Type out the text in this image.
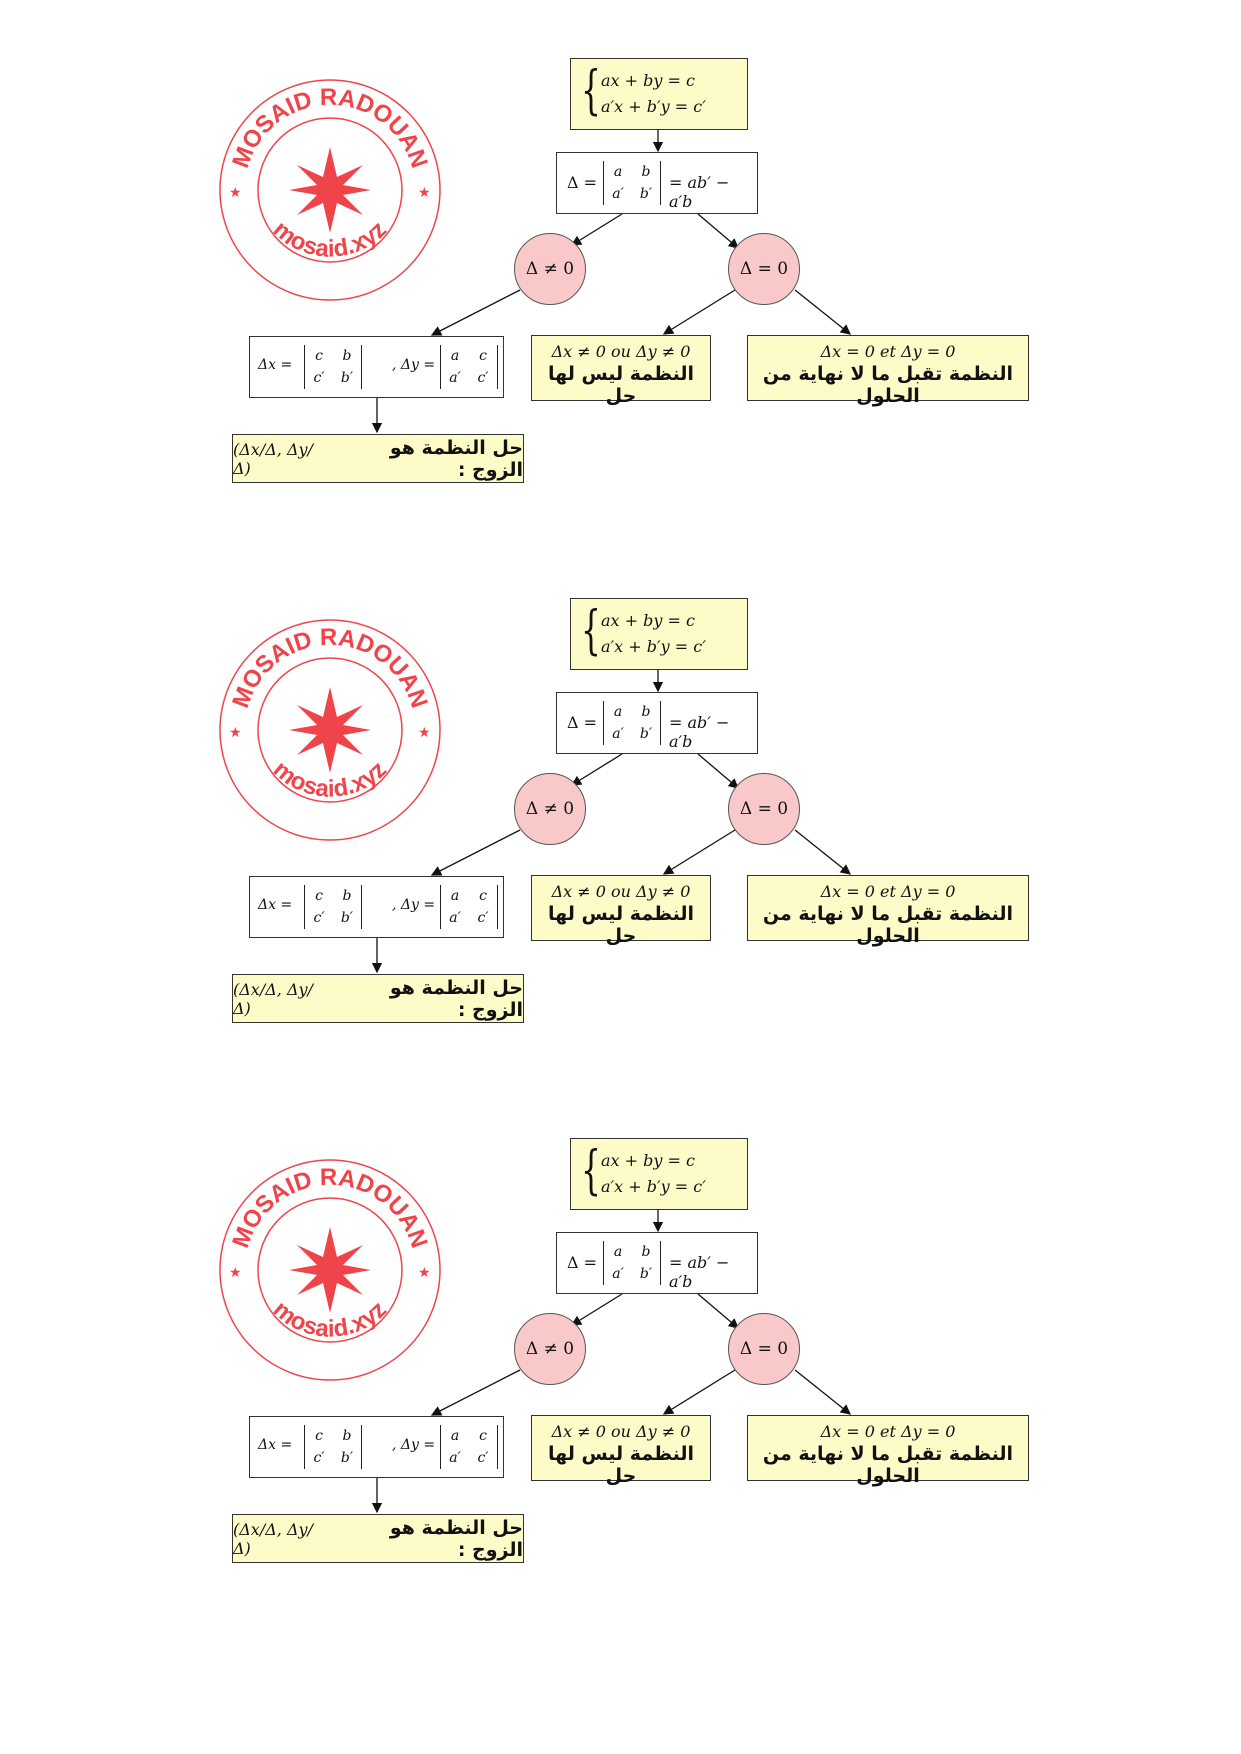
MOSAID RADOUAN
mosaid.xyz
★	★
{ ax + by = c
a′x + b′y = c′
Δ =
a	b
a′	b′
= ab′ − a′b
Δ ≠ 0	Δ = 0
Δx =
c	b
c′	b′
, Δy =
a	c
a′	c′
Δx ≠ 0 ou Δy ≠ 0
النظمة ليس لها حل
Δx = 0 et Δy = 0
النظمة تقبل ما لا نهاية من الحلول
(Δx/Δ, Δy/Δ)
حل النظمة هو الزوج :
MOSAID RADOUAN
mosaid.xyz
★	★
{ ax + by = c
a′x + b′y = c′
Δ =
a	b
a′	b′
= ab′ − a′b
Δ ≠ 0	Δ = 0
Δx =
c	b
c′	b′
, Δy =
a	c
a′	c′
Δx ≠ 0 ou Δy ≠ 0
النظمة ليس لها حل
Δx = 0 et Δy = 0
النظمة تقبل ما لا نهاية من الحلول
(Δx/Δ, Δy/Δ)
حل النظمة هو الزوج :
MOSAID RADOUAN
mosaid.xyz
★	★
{ ax + by = c
a′x + b′y = c′
Δ =
a	b
a′	b′
= ab′ − a′b
Δ ≠ 0	Δ = 0
Δx =
c	b
c′	b′
, Δy =
a	c
a′	c′
Δx ≠ 0 ou Δy ≠ 0
النظمة ليس لها حل
Δx = 0 et Δy = 0
النظمة تقبل ما لا نهاية من الحلول
(Δx/Δ, Δy/Δ)
حل النظمة هو الزوج :
